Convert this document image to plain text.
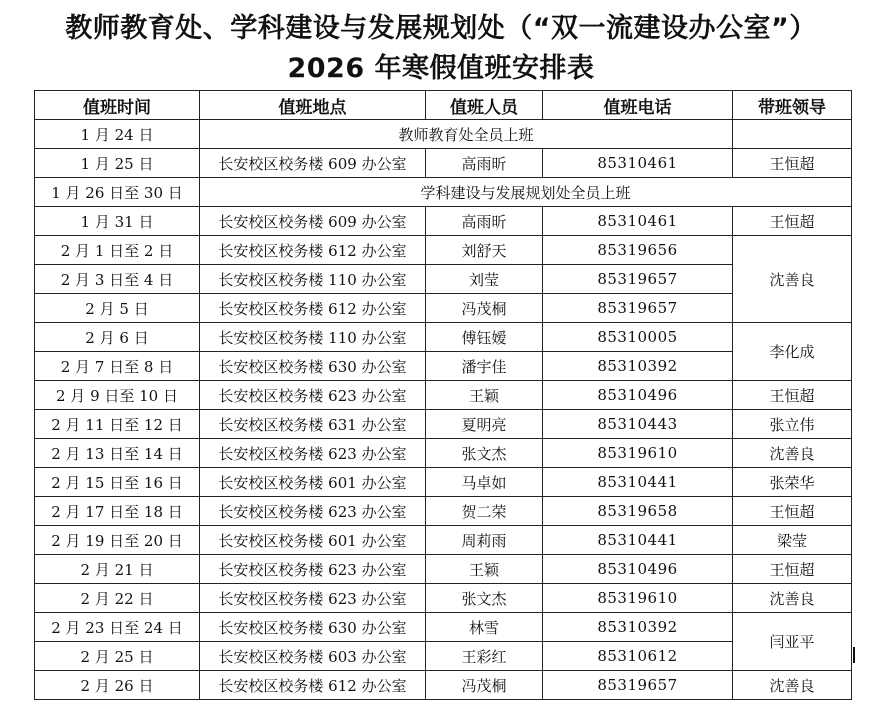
教师教育处、学科建设与发展规划处（“双一流建设办公室”）
2026 年寒假值班安排表
值班时间	值班地点	值班人员	值班电话	带班领导
1 月 24 日	教师教育处全员上班			
1 月 25 日	长安校区校务楼 609 办公室	高雨昕	85310461	王恒超
1 月 26 日至 30 日	学科建设与发展规划处全员上班			
1 月 31 日	长安校区校务楼 609 办公室	高雨昕	85310461	王恒超
2 月 1 日至 2 日	长安校区校务楼 612 办公室	刘舒天	85319656	沈善良
2 月 3 日至 4 日	长安校区校务楼 110 办公室	刘莹	85319657	
2 月 5 日	长安校区校务楼 612 办公室	冯茂桐	85319657	
2 月 6 日	长安校区校务楼 110 办公室	傅钰嫒	85310005	李化成
2 月 7 日至 8 日	长安校区校务楼 630 办公室	潘宇佳	85310392	
2 月 9 日至 10 日	长安校区校务楼 623 办公室	王颖	85310496	王恒超
2 月 11 日至 12 日	长安校区校务楼 631 办公室	夏明亮	85310443	张立伟
2 月 13 日至 14 日	长安校区校务楼 623 办公室	张文杰	85319610	沈善良
2 月 15 日至 16 日	长安校区校务楼 601 办公室	马卓如	85310441	张荣华
2 月 17 日至 18 日	长安校区校务楼 623 办公室	贺二荣	85319658	王恒超
2 月 19 日至 20 日	长安校区校务楼 601 办公室	周莉雨	85310441	梁莹
2 月 21 日	长安校区校务楼 623 办公室	王颖	85310496	王恒超
2 月 22 日	长安校区校务楼 623 办公室	张文杰	85319610	沈善良
2 月 23 日至 24 日	长安校区校务楼 630 办公室	林雪	85310392	闫亚平
2 月 25 日	长安校区校务楼 603 办公室	王彩红	85310612	
2 月 26 日	长安校区校务楼 612 办公室	冯茂桐	85319657	沈善良
